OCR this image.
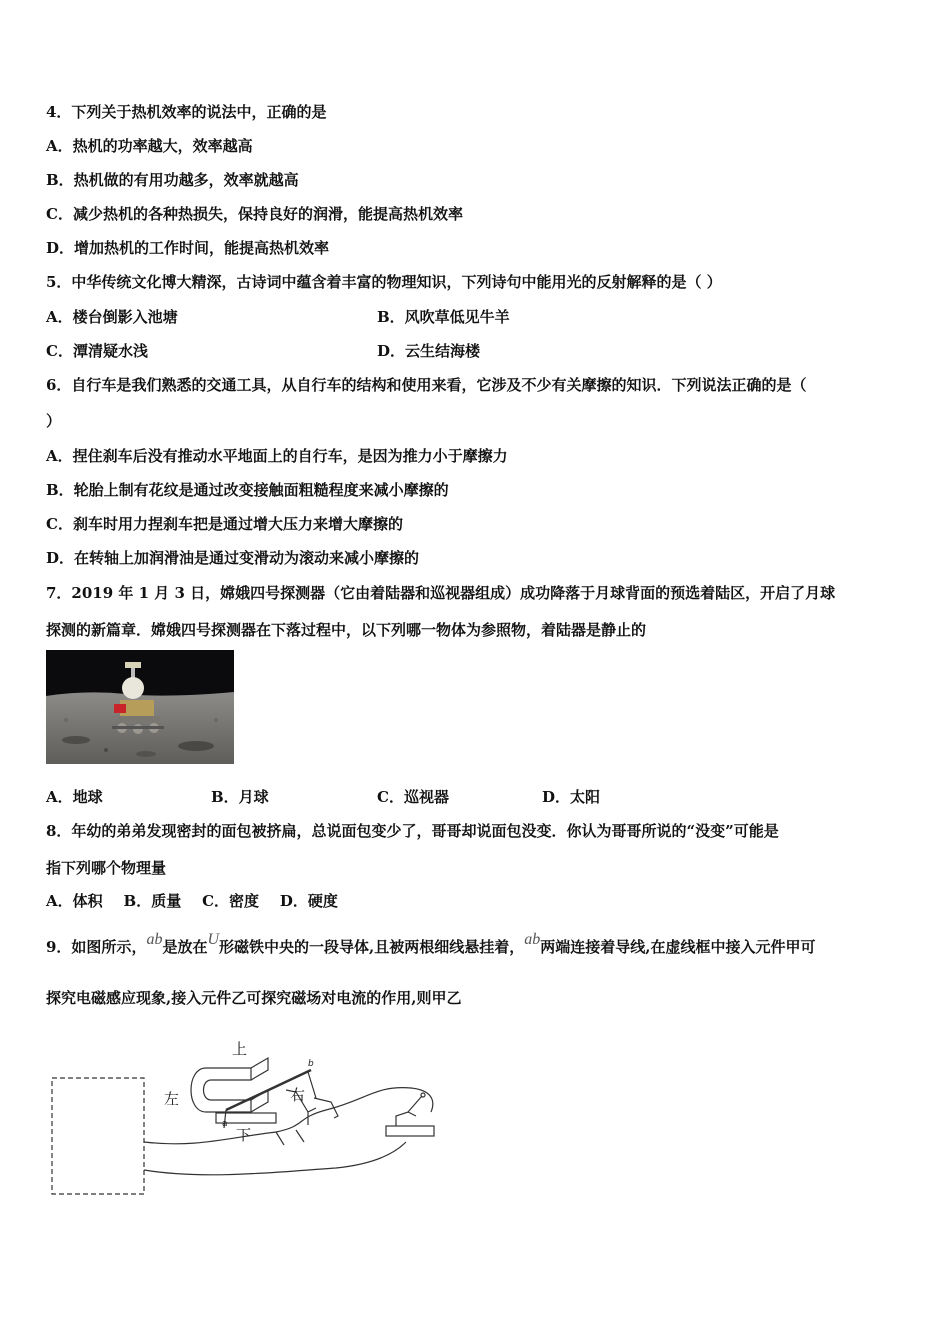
4．下列关于热机效率的说法中，正确的是
A．热机的功率越大，效率越高
B．热机做的有用功越多，效率就越高
C．减少热机的各种热损失，保持良好的润滑，能提高热机效率
D．增加热机的工作时间，能提高热机效率
5．中华传统文化博大精深，古诗词中蕴含着丰富的物理知识，下列诗句中能用光的反射解释的是（ ）
A．楼台倒影入池塘	B．风吹草低见牛羊
C．潭清疑水浅	D．云生结海楼
6．自行车是我们熟悉的交通工具，从自行车的结构和使用来看，它涉及不少有关摩擦的知识．下列说法正确的是（
）
A．捏住刹车后没有推动水平地面上的自行车，是因为推力小于摩擦力
B．轮胎上制有花纹是通过改变接触面粗糙程度来减小摩擦的
C．刹车时用力捏刹车把是通过增大压力来增大摩擦的
D．在转轴上加润滑油是通过变滑动为滚动来减小摩擦的
7．2019 年 1 月 3 日，嫦娥四号探测器（它由着陆器和巡视器组成）成功降落于月球背面的预选着陆区，开启了月球
探测的新篇章．嫦娥四号探测器在下落过程中，以下列哪一物体为参照物，着陆器是静止的
A．地球	B．月球	C．巡视器	D．太阳
8．年幼的弟弟发现密封的面包被挤扁，总说面包变少了，哥哥却说面包没变．你认为哥哥所说的“没变”可能是
指下列哪个物理量
A．体积    B．质量    C．密度    D．硬度
9．如图所示，ab是放在U形磁铁中央的一段导体,且被两根细线悬挂着，ab两端连接着导线,在虚线框中接入元件甲可
探究电磁感应现象,接入元件乙可探究磁场对电流的作用,则甲乙
上
左	右
下
a
b
